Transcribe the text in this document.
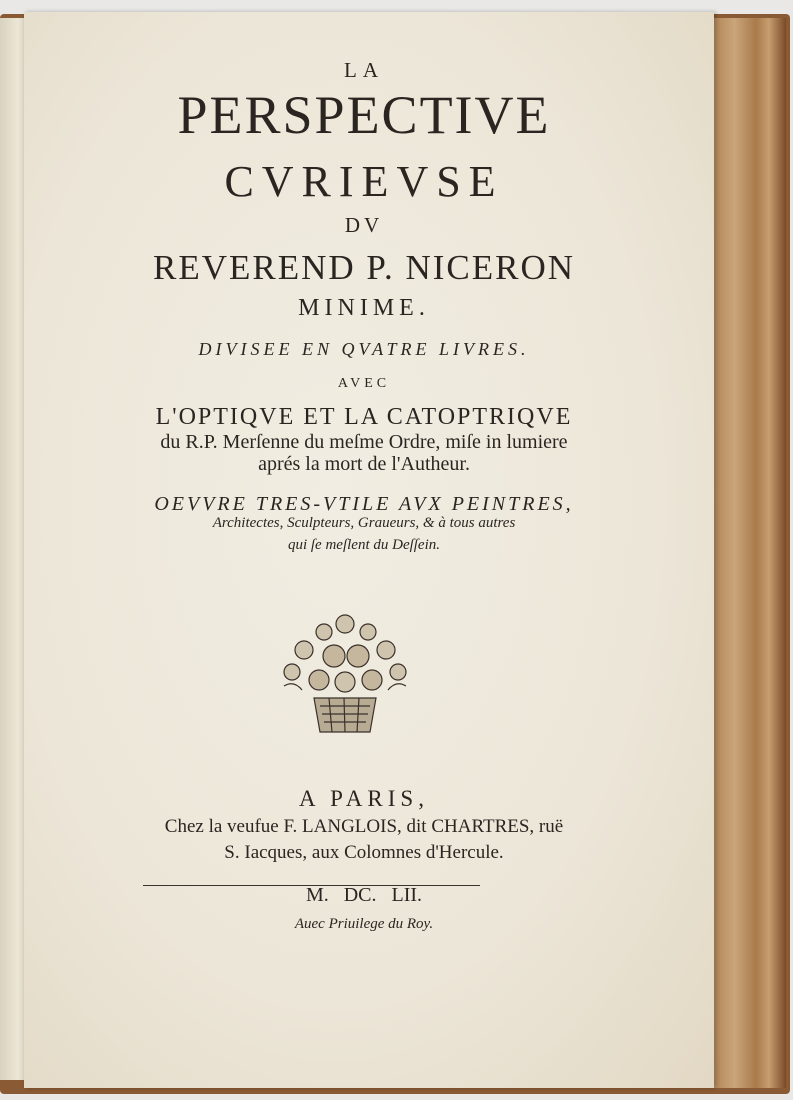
LA
PERSPECTIVE
CVRIEVSE
DV
REVEREND P. NICERON
MINIME.
DIVISEE EN QVATRE LIVRES.
AVEC
L'OPTIQVE ET LA CATOPTRIQVE
du R.P. Merſenne du meſme Ordre, miſe in lumiere
aprés la mort de l'Autheur.
OEVVRE TRES-VTILE AVX PEINTRES,
Architectes, Sculpteurs, Graueurs, & à tous autres
qui ſe meſlent du Deſſein.
A PARIS,
Chez la veufue F. LANGLOIS, dit CHARTRES, ruë
S. Iacques, aux Colomnes d'Hercule.
M. DC. LII.
Auec Priuilege du Roy.
